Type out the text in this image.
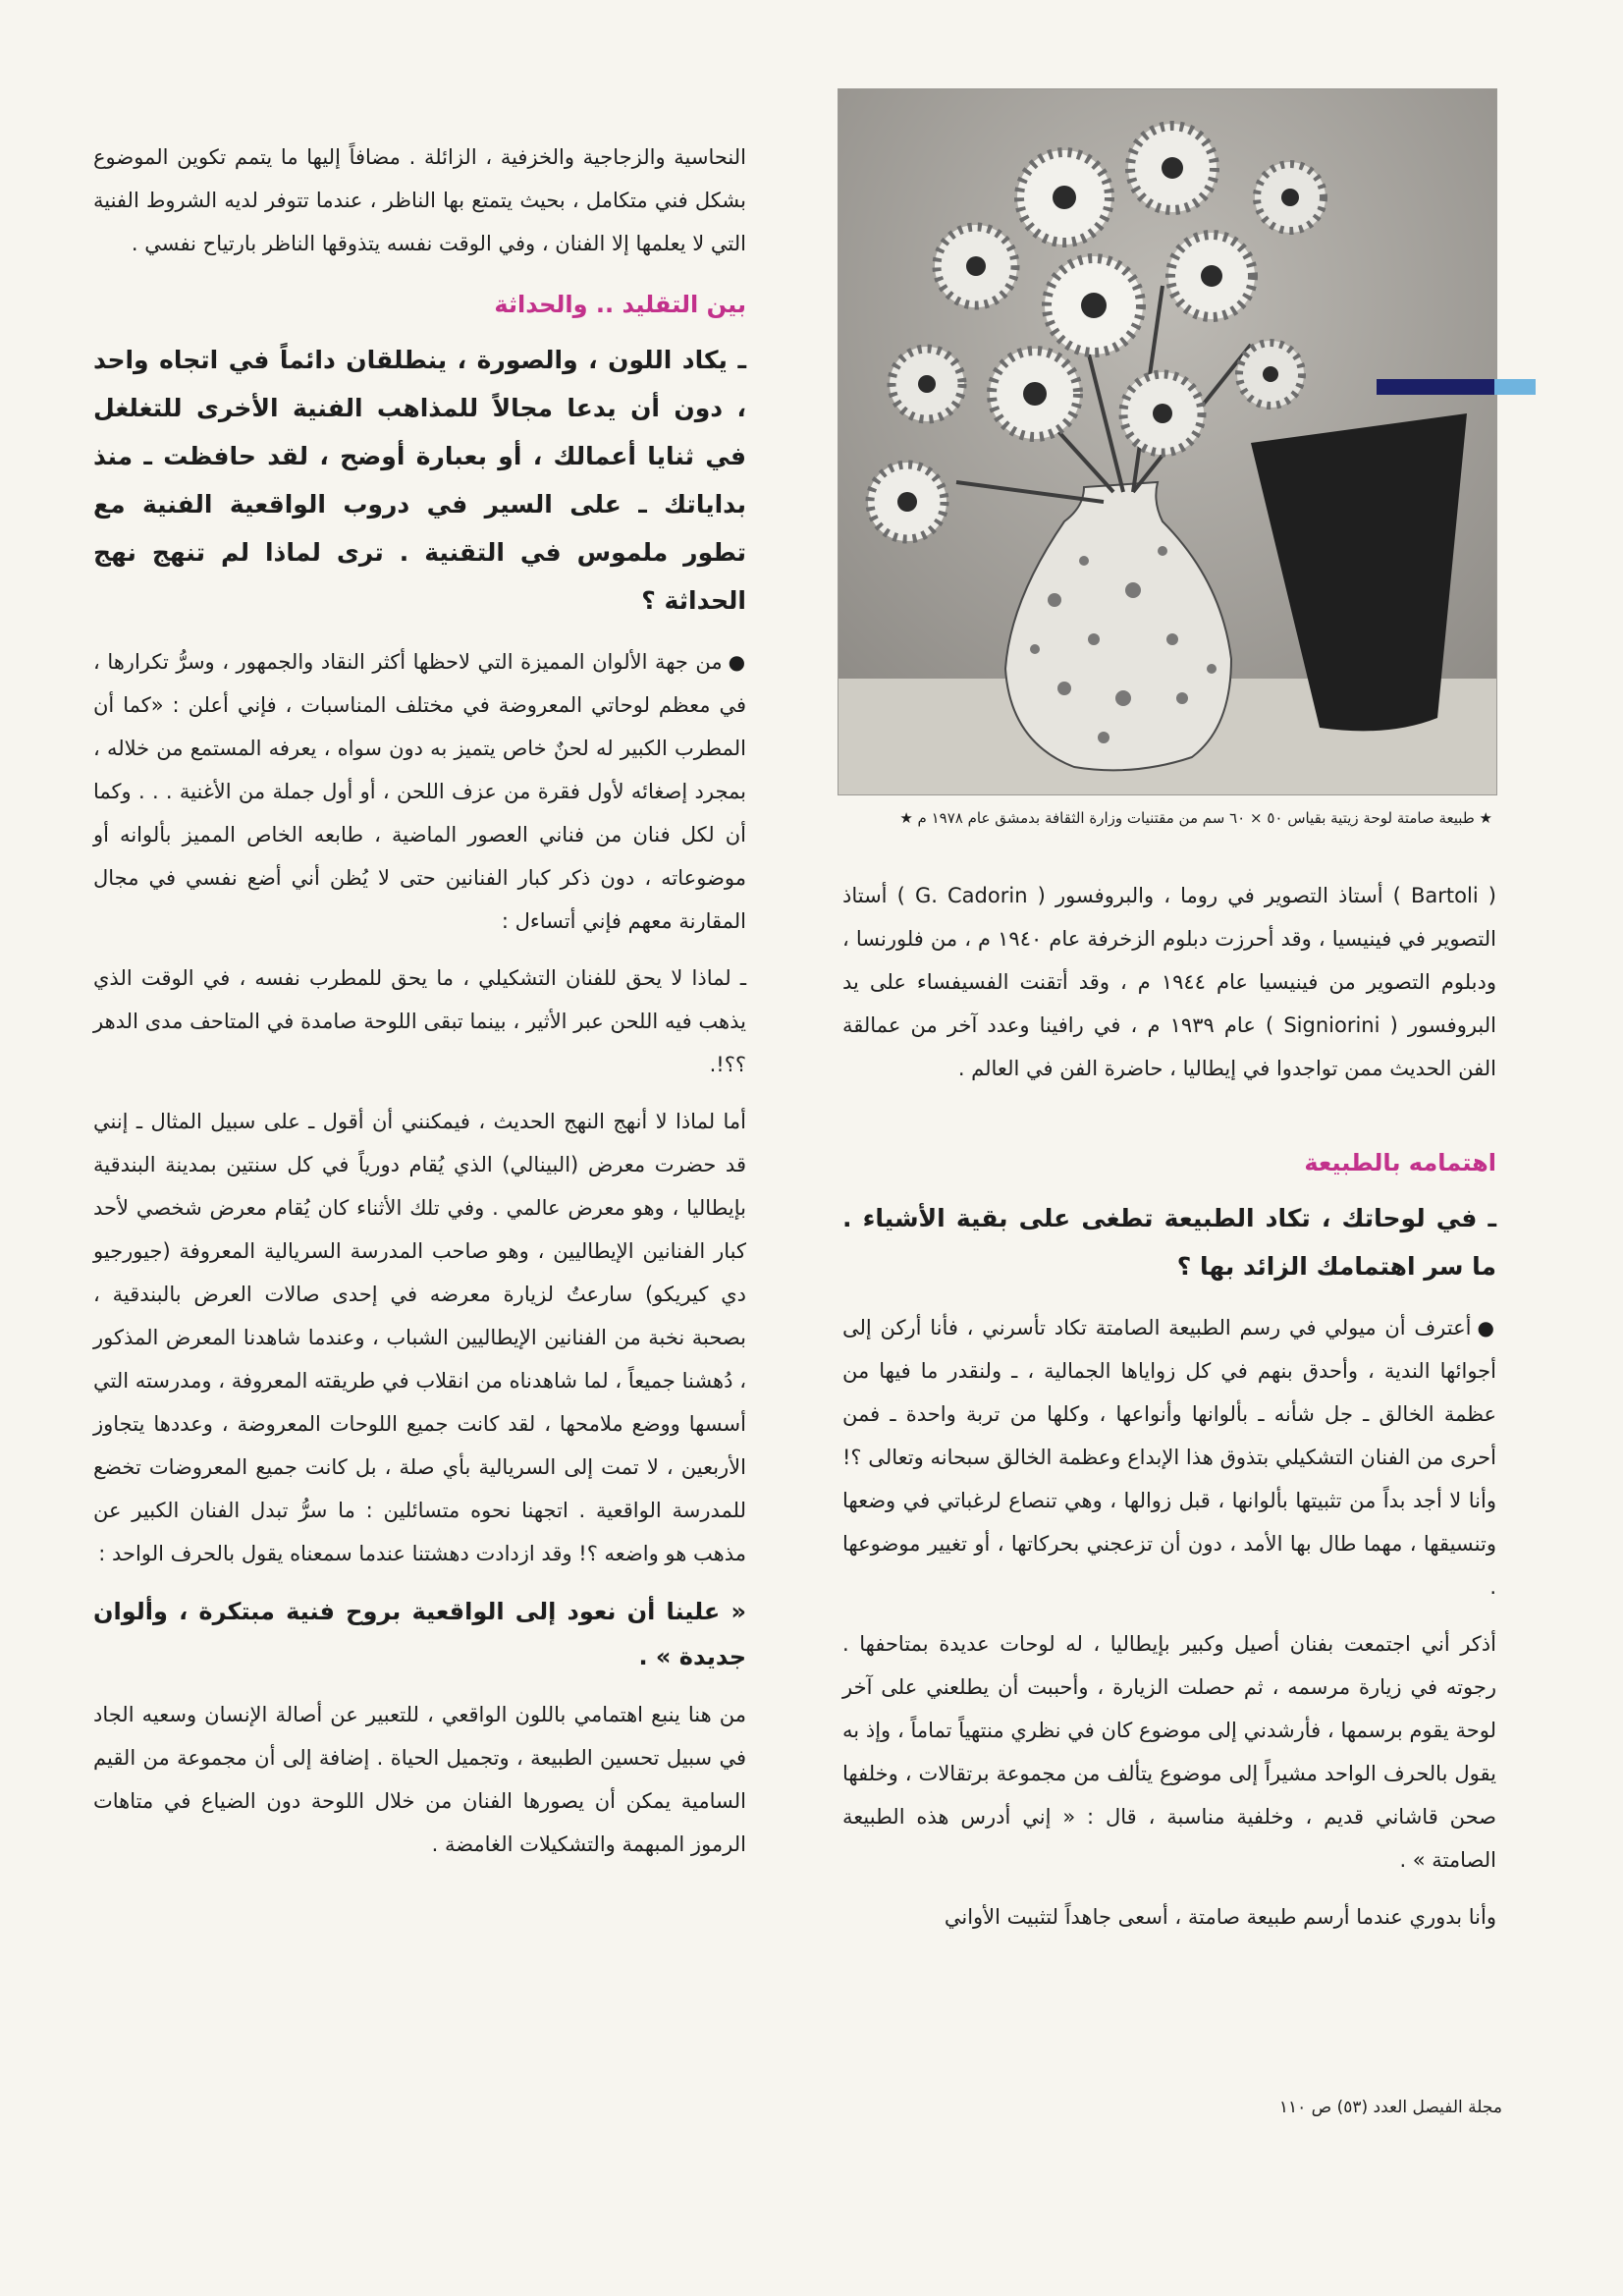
★ طبيعة صامتة لوحة زيتية بقياس ٥٠ × ٦٠ سم من مقتنيات وزارة الثقافة بدمشق عام ١٩٧٨ م ★

النحاسية والزجاجية والخزفية ، الزائلة . مضافاً إليها ما يتمم تكوين الموضوع بشكل فني متكامل ، بحيث يتمتع بها الناظر ، عندما تتوفر لديه الشروط الفنية التي لا يعلمها إلا الفنان ، وفي الوقت نفسه يتذوقها الناظر بارتياح نفسي .

بين التقليد .. والحداثة

ـ يكاد اللون ، والصورة ، ينطلقان دائماً في اتجاه واحد ، دون أن يدعا مجالاً للمذاهب الفنية الأخرى للتغلغل في ثنايا أعمالك ، أو بعبارة أوضح ، لقد حافظت ـ منذ بداياتك ـ على السير في دروب الواقعية الفنية مع تطور ملموس في التقنية . ترى لماذا لم تنهج نهج الحداثة ؟

●من جهة الألوان المميزة التي لاحظها أكثر النقاد والجمهور ، وسرُّ تكرارها ، في معظم لوحاتي المعروضة في مختلف المناسبات ، فإني أعلن : «كما أن المطرب الكبير له لحنٌ خاص يتميز به دون سواه ، يعرفه المستمع من خلاله ، بمجرد إصغائه لأول فقرة من عزف اللحن ، أو أول جملة من الأغنية . . . وكما أن لكل فنان من فناني العصور الماضية ، طابعه الخاص المميز بألوانه أو موضوعاته ، دون ذكر كبار الفنانين حتى لا يُظن أني أضع نفسي في مجال المقارنة معهم فإني أتساءل :

ـ لماذا لا يحق للفنان التشكيلي ، ما يحق للمطرب نفسه ، في الوقت الذي يذهب فيه اللحن عبر الأثير ، بينما تبقى اللوحة صامدة في المتاحف مدى الدهر ؟؟!.

أما لماذا لا أنهج النهج الحديث ، فيمكنني أن أقول ـ على سبيل المثال ـ إنني قد حضرت معرض (البينالي) الذي يُقام دورياً في كل سنتين بمدينة البندقية بإيطاليا ، وهو معرض عالمي . وفي تلك الأثناء كان يُقام معرض شخصي لأحد كبار الفنانين الإيطاليين ، وهو صاحب المدرسة السريالية المعروفة (جيورجيو دي كيريكو) سارعتُ لزيارة معرضه في إحدى صالات العرض بالبندقية ، بصحبة نخبة من الفنانين الإيطاليين الشباب ، وعندما شاهدنا المعرض المذكور ، دُهشنا جميعاً ، لما شاهدناه من انقلاب في طريقته المعروفة ، ومدرسته التي أسسها ووضع ملامحها ، لقد كانت جميع اللوحات المعروضة ، وعددها يتجاوز الأربعين ، لا تمت إلى السريالية بأي صلة ، بل كانت جميع المعروضات تخضع للمدرسة الواقعية . اتجهنا نحوه متسائلين : ما سرُّ تبدل الفنان الكبير عن مذهب هو واضعه ؟! وقد ازدادت دهشتنا عندما سمعناه يقول بالحرف الواحد :

« علينا أن نعود إلى الواقعية بروح فنية مبتكرة ، وألوان جديدة » .

من هنا ينبع اهتمامي باللون الواقعي ، للتعبير عن أصالة الإنسان وسعيه الجاد في سبيل تحسين الطبيعة ، وتجميل الحياة . إضافة إلى أن مجموعة من القيم السامية يمكن أن يصورها الفنان من خلال اللوحة دون الضياع في متاهات الرموز المبهمة والتشكيلات الغامضة .

( Bartoli ) أستاذ التصوير في روما ، والبروفسور ( G. Cadorin ) أستاذ التصوير في فينيسيا ، وقد أحرزت دبلوم الزخرفة عام ١٩٤٠ م ، من فلورنسا ، ودبلوم التصوير من فينيسيا عام ١٩٤٤ م ، وقد أتقنت الفسيفساء على يد البروفسور ( Signiorini ) عام ١٩٣٩ م ، في رافينا وعدد آخر من عمالقة الفن الحديث ممن تواجدوا في إيطاليا ، حاضرة الفن في العالم .

اهتمامه بالطبيعة

ـ في لوحاتك ، تكاد الطبيعة تطغى على بقية الأشياء . ما سر اهتمامك الزائد بها ؟

●أعترف أن ميولي في رسم الطبيعة الصامتة تكاد تأسرني ، فأنا أركن إلى أجوائها الندية ، وأحدق بنهم في كل زواياها الجمالية ، ـ ولنقدر ما فيها من عظمة الخالق ـ جل شأنه ـ بألوانها وأنواعها ، وكلها من تربة واحدة ـ فمن أحرى من الفنان التشكيلي بتذوق هذا الإبداع وعظمة الخالق سبحانه وتعالى ؟! وأنا لا أجد بداً من تثبيتها بألوانها ، قبل زوالها ، وهي تنصاع لرغباتي في وضعها وتنسيقها ، مهما طال بها الأمد ، دون أن تزعجني بحركاتها ، أو تغيير موضوعها .

أذكر أني اجتمعت بفنان أصيل وكبير بإيطاليا ، له لوحات عديدة بمتاحفها . رجوته في زيارة مرسمه ، ثم حصلت الزيارة ، وأحببت أن يطلعني على آخر لوحة يقوم برسمها ، فأرشدني إلى موضوع كان في نظري منتهياً تماماً ، وإذ به يقول بالحرف الواحد مشيراً إلى موضوع يتألف من مجموعة برتقالات ، وخلفها صحن قاشاني قديم ، وخلفية مناسبة ، قال : « إني أدرس هذه الطبيعة الصامتة » .

وأنا بدوري عندما أرسم طبيعة صامتة ، أسعى جاهداً لتثبيت الأواني

مجلة الفيصل العدد (٥٣) ص ١١٠
